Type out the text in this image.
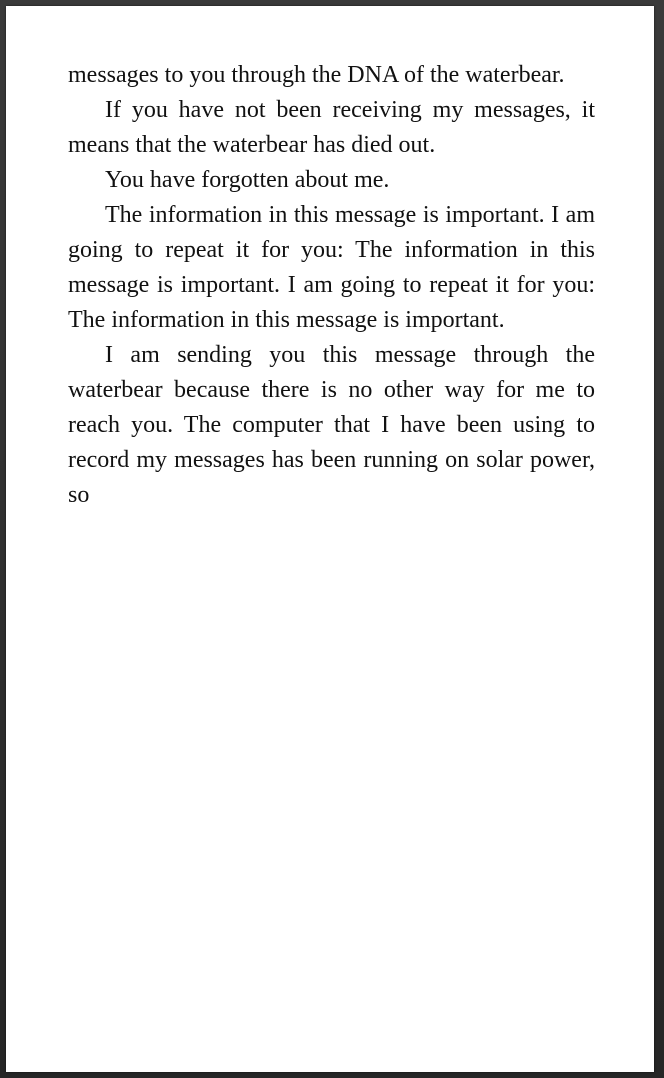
messages to you through the DNA of the waterbear.

If you have not been receiving my messages, it means that the waterbear has died out.

You have forgotten about me.

The information in this message is important. I am going to repeat it for you: The information in this message is important. I am going to repeat it for you: The information in this message is important.

I am sending you this message through the waterbear because there is no other way for me to reach you. The computer that I have been using to record my messages has been running on solar power, so
